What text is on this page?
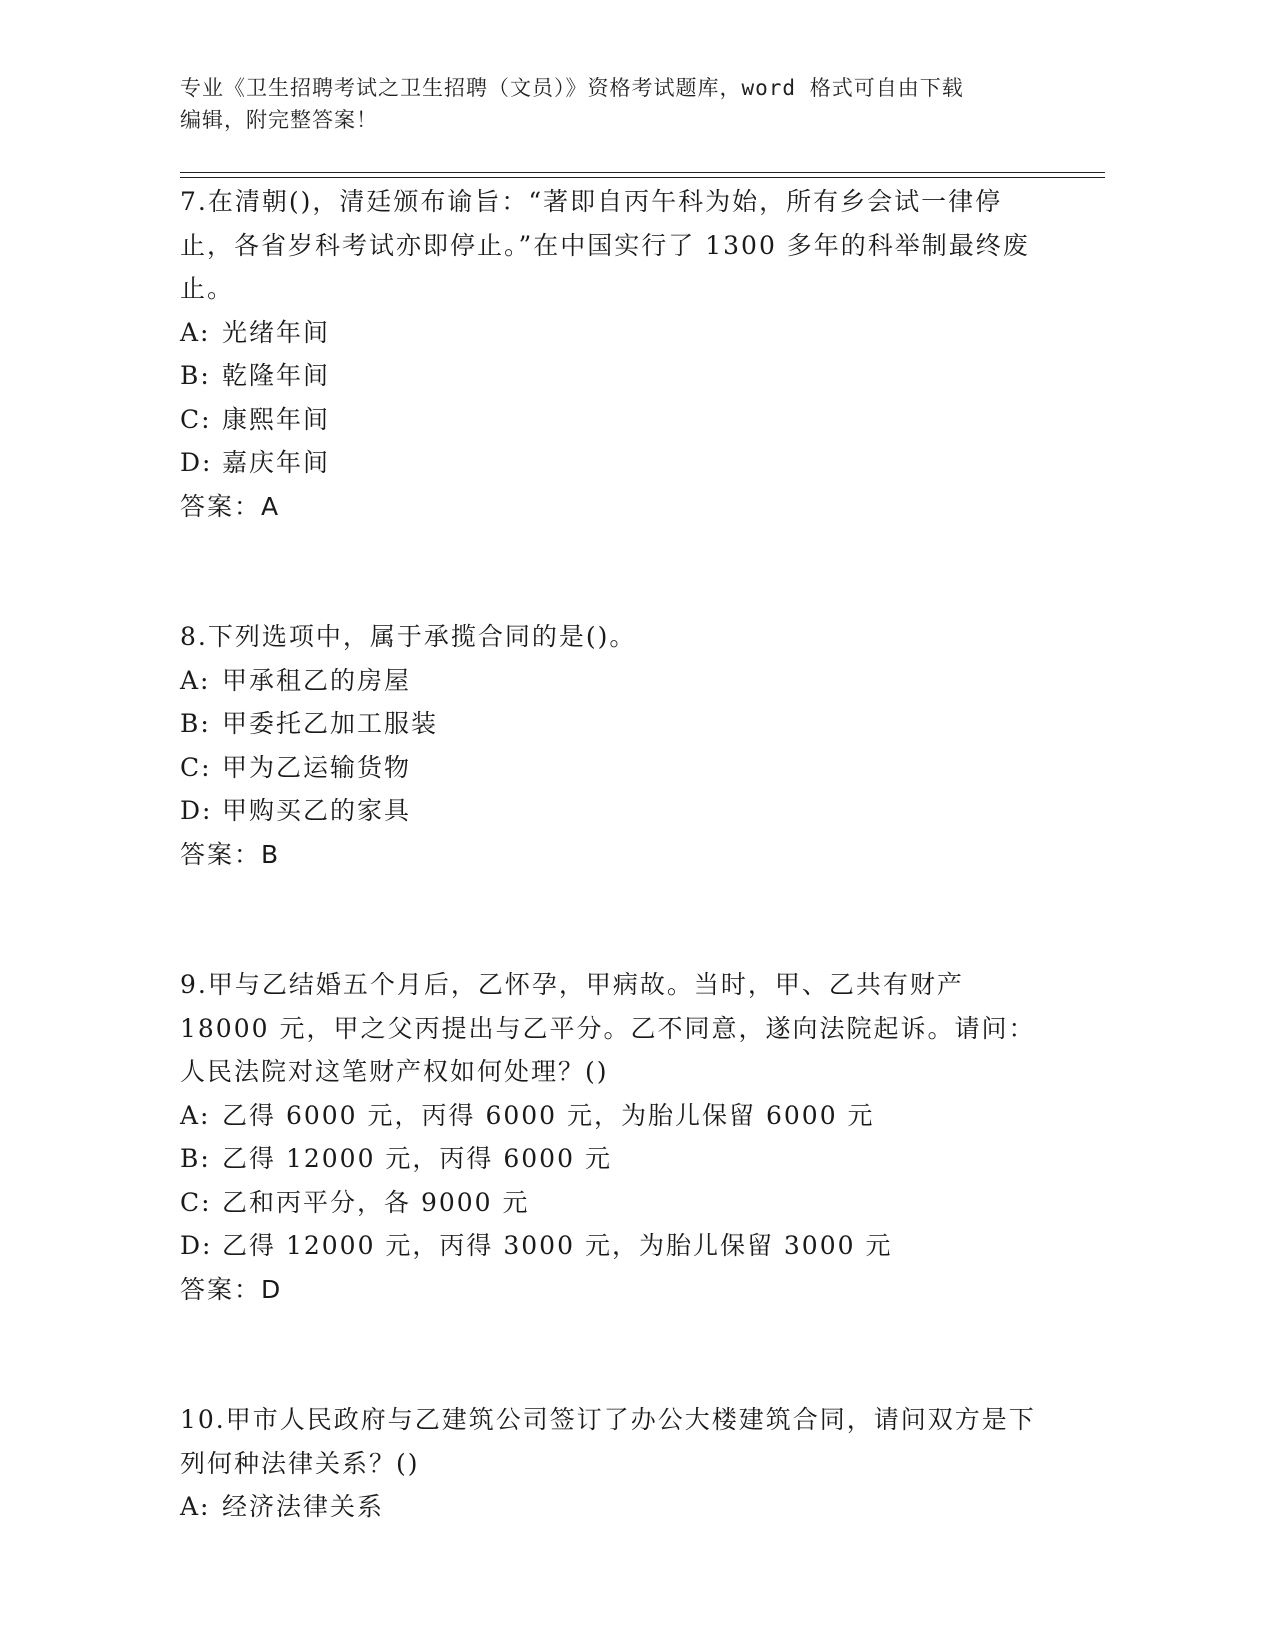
专业《卫生招聘考试之卫生招聘（文员）》资格考试题库，word 格式可自由下载
编辑，附完整答案！

7.在清朝()，清廷颁布谕旨：“著即自丙午科为始，所有乡会试一律停止，各省岁科考试亦即停止。”在中国实行了 1300 多年的科举制最终废止。

A: 光绪年间

B: 乾隆年间

C: 康熙年间

D: 嘉庆年间

答案：A

8.下列选项中，属于承揽合同的是()。

A: 甲承租乙的房屋

B: 甲委托乙加工服装

C: 甲为乙运输货物

D: 甲购买乙的家具

答案：B

9.甲与乙结婚五个月后，乙怀孕，甲病故。当时，甲、乙共有财产 18000 元，甲之父丙提出与乙平分。乙不同意，遂向法院起诉。请问：人民法院对这笔财产权如何处理？()

A: 乙得 6000 元，丙得 6000 元，为胎儿保留 6000 元

B: 乙得 12000 元，丙得 6000 元

C: 乙和丙平分，各 9000 元

D: 乙得 12000 元，丙得 3000 元，为胎儿保留 3000 元

答案：D

10.甲市人民政府与乙建筑公司签订了办公大楼建筑合同，请问双方是下列何种法律关系？()

A: 经济法律关系
